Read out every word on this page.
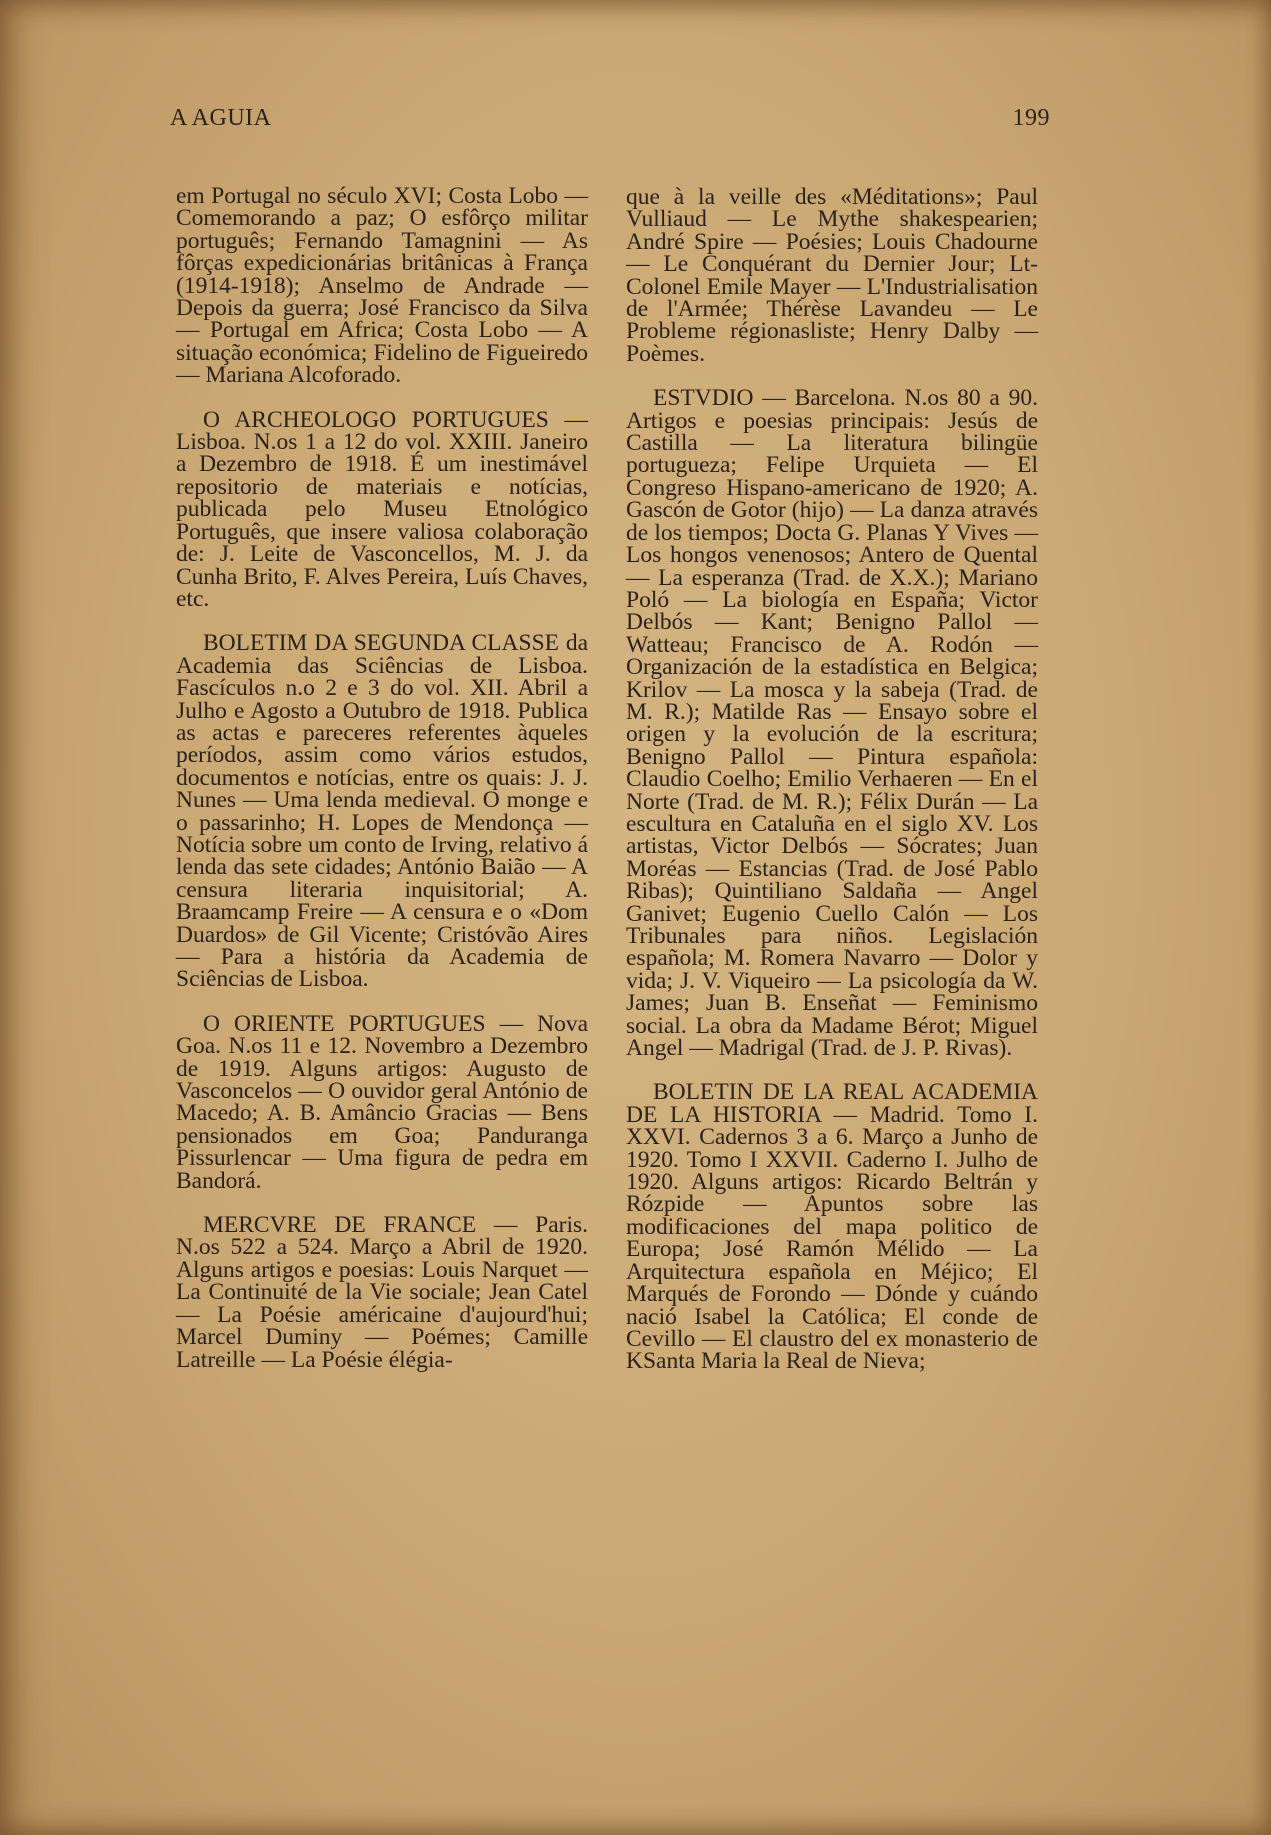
A AGUIA	199

em Portugal no século XVI; Costa Lobo — Comemorando a paz; O esfôrço militar português; Fernando Tamagnini — As fôrças expedicionárias britânicas à França (1914-1918); Anselmo de Andrade — Depois da guerra; José Francisco da Silva — Portugal em Africa; Costa Lobo — A situação económica; Fidelino de Figueiredo — Mariana Alcoforado.

O ARCHEOLOGO PORTUGUES — Lisboa. N.os 1 a 12 do vol. XXIII. Janeiro a Dezembro de 1918. É um inestimável repositorio de materiais e notícias, publicada pelo Museu Etnológico Português, que insere valiosa colaboração de: J. Leite de Vasconcellos, M. J. da Cunha Brito, F. Alves Pereira, Luís Chaves, etc.

BOLETIM DA SEGUNDA CLASSE da Academia das Sciências de Lisboa. Fascículos n.o 2 e 3 do vol. XII. Abril a Julho e Agosto a Outubro de 1918. Publica as actas e pareceres referentes àqueles períodos, assim como vários estudos, documentos e notícias, entre os quais: J. J. Nunes — Uma lenda medieval. O monge e o passarinho; H. Lopes de Mendonça — Notícia sobre um conto de Irving, relativo á lenda das sete cidades; António Baião — A censura literaria inquisitorial; A. Braamcamp Freire — A censura e o «Dom Duardos» de Gil Vicente; Cristóvão Aires — Para a história da Academia de Sciências de Lisboa.

O ORIENTE PORTUGUES — Nova Goa. N.os 11 e 12. Novembro a Dezembro de 1919. Alguns artigos: Augusto de Vasconcelos — O ouvidor geral António de Macedo; A. B. Amâncio Gracias — Bens pensionados em Goa; Panduranga Pissurlencar — Uma figura de pedra em Bandorá.

MERCVRE DE FRANCE — Paris. N.os 522 a 524. Março a Abril de 1920. Alguns artigos e poesias: Louis Narquet — La Continuité de la Vie sociale; Jean Catel — La Poésie américaine d'aujourd'hui; Marcel Duminy — Poémes; Camille Latreille — La Poésie élégia-

que à la veille des «Méditations»; Paul Vulliaud — Le Mythe shakespearien; André Spire — Poésies; Louis Chadourne — Le Conquérant du Dernier Jour; Lt-Colonel Emile Mayer — L'Industrialisation de l'Armée; Thérèse Lavandeu — Le Probleme régionasliste; Henry Dalby — Poèmes.

ESTVDIO — Barcelona. N.os 80 a 90. Artigos e poesias principais: Jesús de Castilla — La literatura bilingüe portugueza; Felipe Urquieta — El Congreso Hispano-americano de 1920; A. Gascón de Gotor (hijo) — La danza através de los tiempos; Docta G. Planas Y Vives — Los hongos venenosos; Antero de Quental — La esperanza (Trad. de X.X.); Mariano Poló — La biología en España; Victor Delbós — Kant; Benigno Pallol — Watteau; Francisco de A. Rodón — Organización de la estadística en Belgica; Krilov — La mosca y la sabeja (Trad. de M. R.); Matilde Ras — Ensayo sobre el origen y la evolución de la escritura; Benigno Pallol — Pintura española: Claudio Coelho; Emilio Verhaeren — En el Norte (Trad. de M. R.); Félix Durán — La escultura en Cataluña en el siglo XV. Los artistas, Victor Delbós — Sócrates; Juan Moréas — Estancias (Trad. de José Pablo Ribas); Quintiliano Saldaña — Angel Ganivet; Eugenio Cuello Calón — Los Tribunales para niños. Legislación española; M. Romera Navarro — Dolor y vida; J. V. Viqueiro — La psicología da W. James; Juan B. Enseñat — Feminismo social. La obra da Madame Bérot; Miguel Angel — Madrigal (Trad. de J. P. Rivas).

BOLETIN DE LA REAL ACADEMIA DE LA HISTORIA — Madrid. Tomo I. XXVI. Cadernos 3 a 6. Março a Junho de 1920. Tomo I XXVII. Caderno I. Julho de 1920. Alguns artigos: Ricardo Beltrán y Rózpide — Apuntos sobre las modificaciones del mapa politico de Europa; José Ramón Mélido — La Arquitectura española en Méjico; El Marqués de Forondo — Dónde y cuándo nació Isabel la Católica; El conde de Cevillo — El claustro del ex monasterio de KSanta Maria la Real de Nieva;
